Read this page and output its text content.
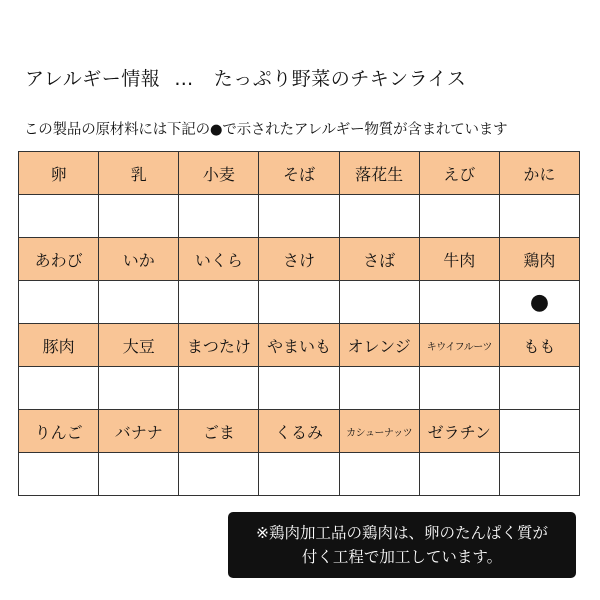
アレルギー情報 … たっぷり野菜のチキンライス
この製品の原材料には下記の●で示されたアレルギー物質が含まれています
卵	乳	小麦	そば	落花生	えび	かに

あわび	いか	いくら	さけ	さば	牛肉	鶏肉
						●
豚肉	大豆	まつたけ	やまいも	オレンジ	キウイフルーツ	もも

りんご	バナナ	ごま	くるみ	カシューナッツ	ゼラチン	

※鶏肉加工品の鶏肉は、卵のたんぱく質が
付く工程で加工しています。
